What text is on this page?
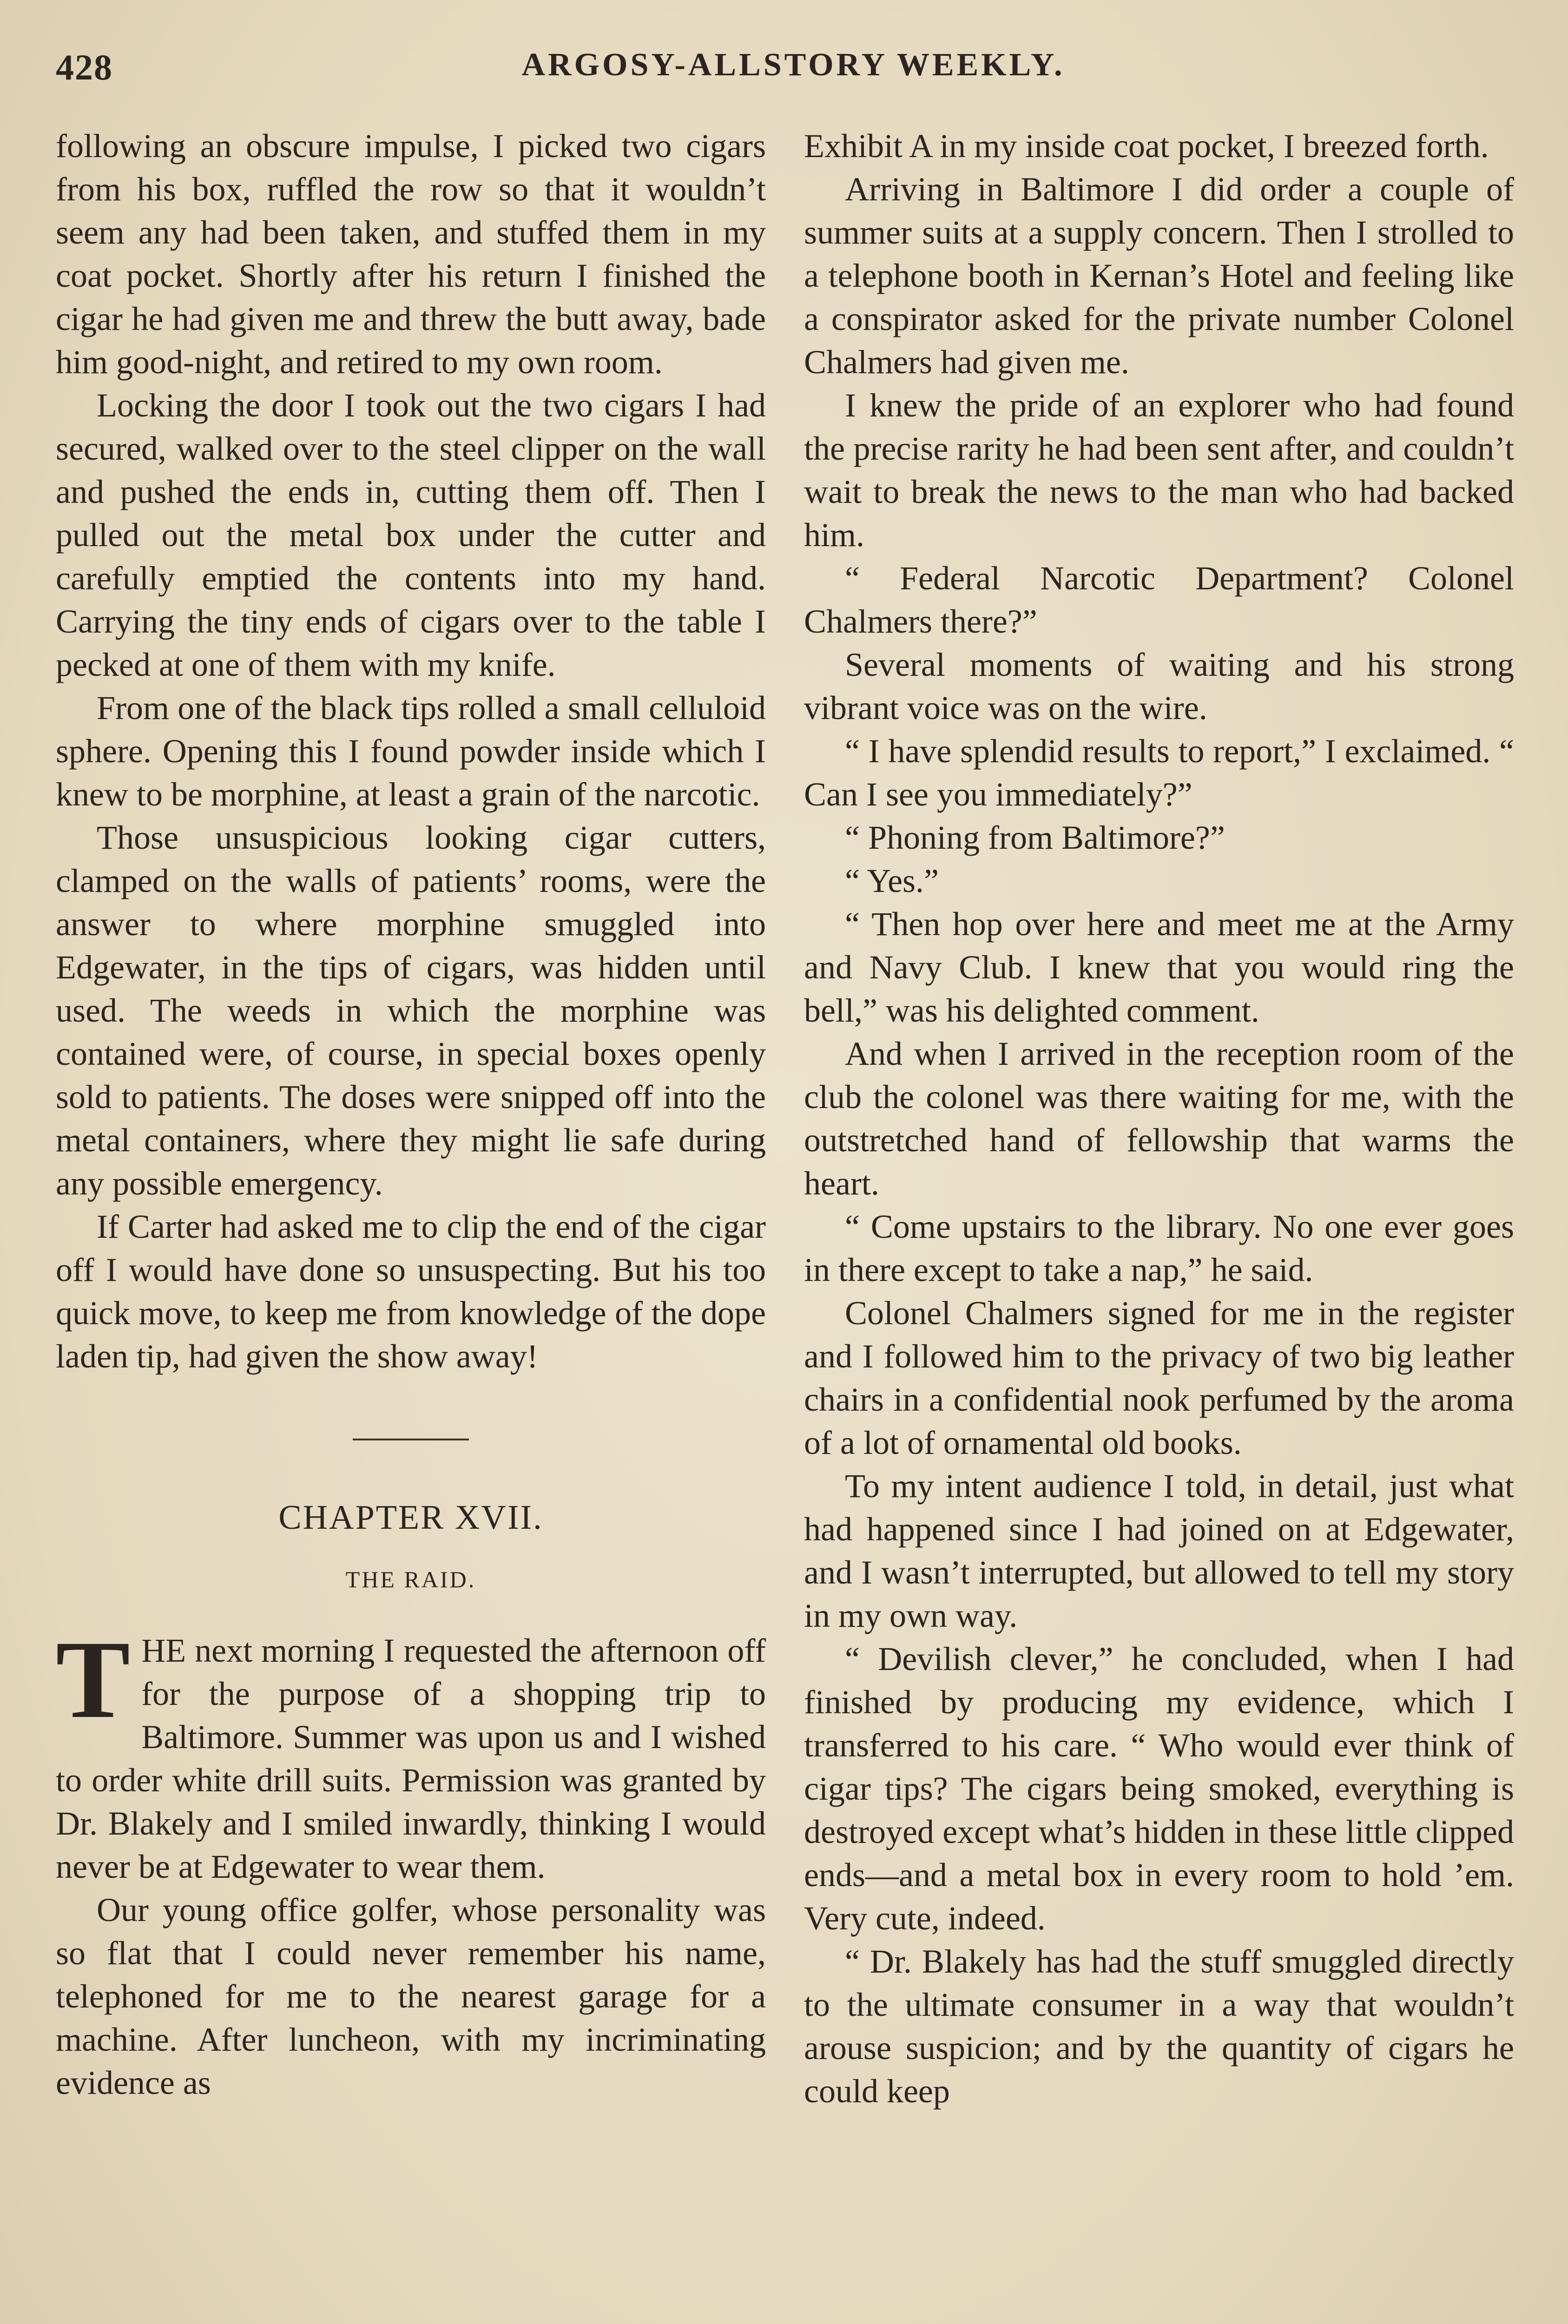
428	ARGOSY-ALLSTORY WEEKLY.

following an obscure impulse, I picked two cigars from his box, ruffled the row so that it wouldn’t seem any had been taken, and stuffed them in my coat pocket. Shortly after his return I finished the cigar he had given me and threw the butt away, bade him good-night, and retired to my own room.

Locking the door I took out the two cigars I had secured, walked over to the steel clipper on the wall and pushed the ends in, cutting them off. Then I pulled out the metal box under the cutter and carefully emptied the contents into my hand. Carrying the tiny ends of cigars over to the table I pecked at one of them with my knife.

From one of the black tips rolled a small celluloid sphere. Opening this I found powder inside which I knew to be morphine, at least a grain of the narcotic.

Those unsuspicious looking cigar cutters, clamped on the walls of patients’ rooms, were the answer to where morphine smuggled into Edgewater, in the tips of cigars, was hidden until used. The weeds in which the morphine was contained were, of course, in special boxes openly sold to patients. The doses were snipped off into the metal containers, where they might lie safe during any possible emergency.

If Carter had asked me to clip the end of the cigar off I would have done so unsuspecting. But his too quick move, to keep me from knowledge of the dope laden tip, had given the show away!

CHAPTER XVII.
THE RAID.

THE next morning I requested the afternoon off for the purpose of a shopping trip to Baltimore. Summer was upon us and I wished to order white drill suits. Permission was granted by Dr. Blakely and I smiled inwardly, thinking I would never be at Edgewater to wear them.

Our young office golfer, whose personality was so flat that I could never remember his name, telephoned for me to the nearest garage for a machine. After luncheon, with my incriminating evidence as

Exhibit A in my inside coat pocket, I breezed forth.

Arriving in Baltimore I did order a couple of summer suits at a supply concern. Then I strolled to a telephone booth in Kernan’s Hotel and feeling like a conspirator asked for the private number Colonel Chalmers had given me.

I knew the pride of an explorer who had found the precise rarity he had been sent after, and couldn’t wait to break the news to the man who had backed him.

“ Federal Narcotic Department? Colonel Chalmers there?”

Several moments of waiting and his strong vibrant voice was on the wire.

“ I have splendid results to report,” I exclaimed. “ Can I see you immediately?”

“ Phoning from Baltimore?”

“ Yes.”

“ Then hop over here and meet me at the Army and Navy Club. I knew that you would ring the bell,” was his delighted comment.

And when I arrived in the reception room of the club the colonel was there waiting for me, with the outstretched hand of fellowship that warms the heart.

“ Come upstairs to the library. No one ever goes in there except to take a nap,” he said.

Colonel Chalmers signed for me in the register and I followed him to the privacy of two big leather chairs in a confidential nook perfumed by the aroma of a lot of ornamental old books.

To my intent audience I told, in detail, just what had happened since I had joined on at Edgewater, and I wasn’t interrupted, but allowed to tell my story in my own way.

“ Devilish clever,” he concluded, when I had finished by producing my evidence, which I transferred to his care. “ Who would ever think of cigar tips? The cigars being smoked, everything is destroyed except what’s hidden in these little clipped ends—and a metal box in every room to hold ’em. Very cute, indeed.

“ Dr. Blakely has had the stuff smuggled directly to the ultimate consumer in a way that wouldn’t arouse suspicion; and by the quantity of cigars he could keep
